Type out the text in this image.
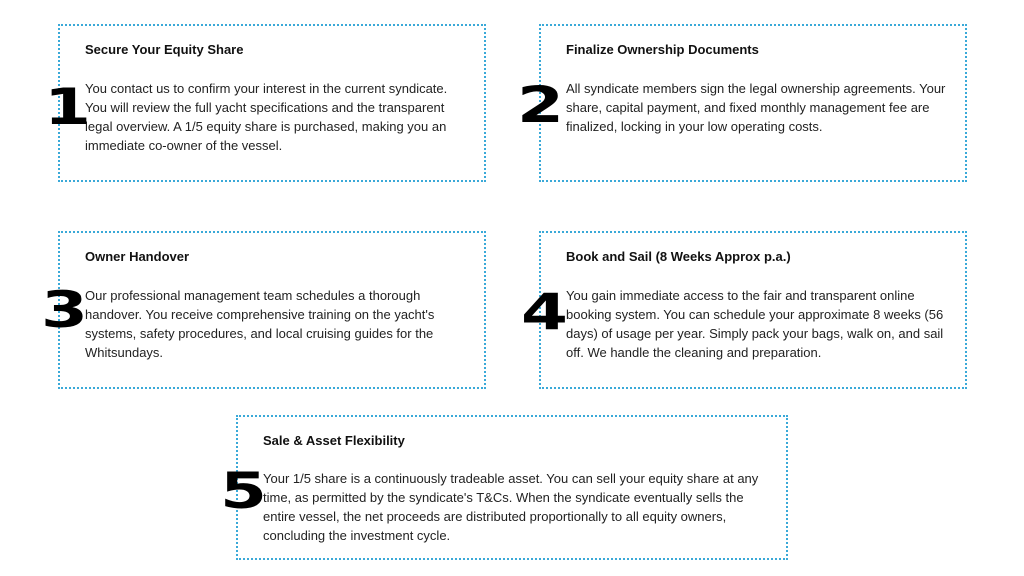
Secure Your Equity Share
You contact us to confirm your interest in the current syndicate. You will review the full yacht specifications and the transparent legal overview. A 1/5 equity share is purchased, making you an immediate co-owner of the vessel.
1
Finalize Ownership Documents
All syndicate members sign the legal ownership agreements. Your share, capital payment, and fixed monthly management fee are finalized, locking in your low operating costs.
2
Owner Handover
Our professional management team schedules a thorough handover. You receive comprehensive training on the yacht's systems, safety procedures, and local cruising guides for the Whitsundays.
3
Book and Sail (8 Weeks Approx p.a.)
You gain immediate access to the fair and transparent online booking system. You can schedule your approximate 8 weeks (56 days) of usage per year. Simply pack your bags, walk on, and sail off. We handle the cleaning and preparation.
4
Sale & Asset Flexibility
Your 1/5 share is a continuously tradeable asset. You can sell your equity share at any time, as permitted by the syndicate's T&Cs. When the syndicate eventually sells the entire vessel, the net proceeds are distributed proportionally to all equity owners, concluding the investment cycle.
5
